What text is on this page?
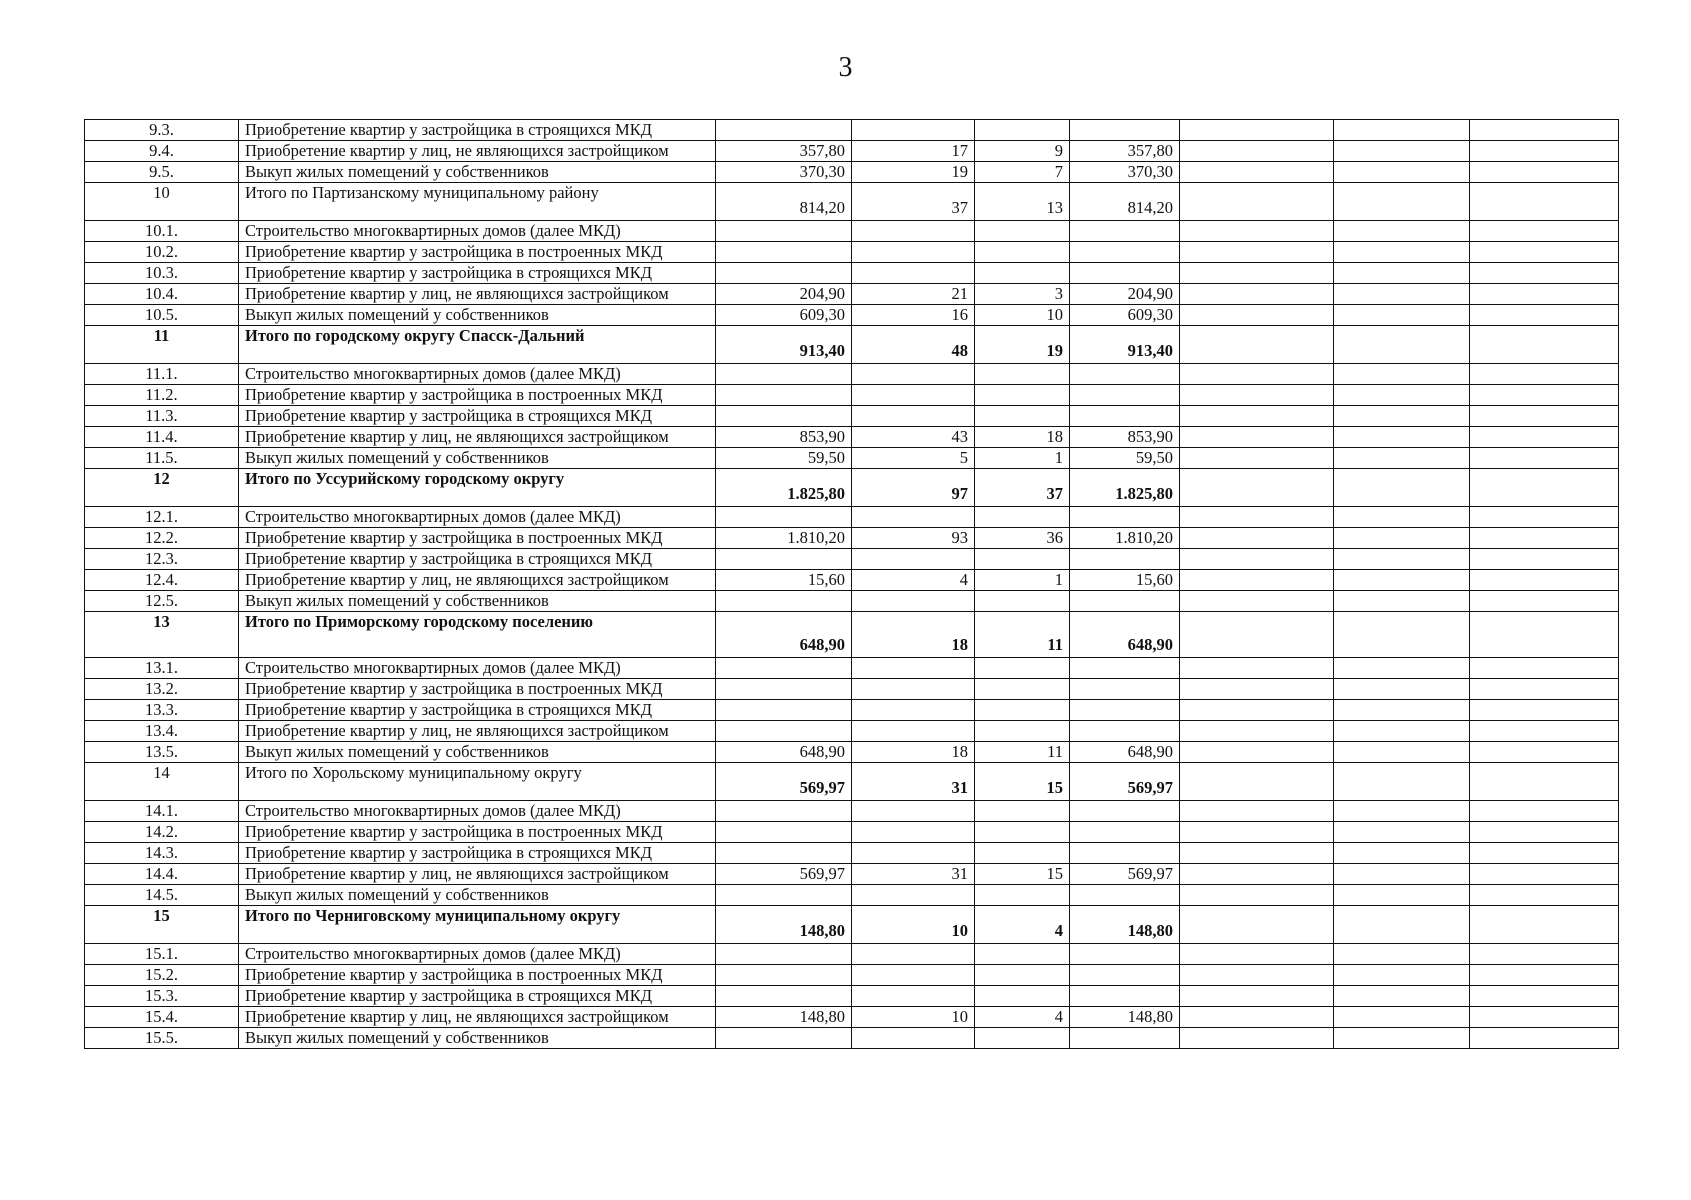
3
9.3.	Приобретение квартир у застройщика в строящихся МКД							
9.4.	Приобретение квартир у лиц, не являющихся застройщиком	357,80	17	9	357,80			
9.5.	Выкуп жилых помещений у собственников	370,30	19	7	370,30			
10	Итого по Партизанскому муниципальному району	814,20	37	13	814,20			
10.1.	Строительство многоквартирных домов (далее МКД)							
10.2.	Приобретение квартир у застройщика в построенных МКД							
10.3.	Приобретение квартир у застройщика в строящихся МКД							
10.4.	Приобретение квартир у лиц, не являющихся застройщиком	204,90	21	3	204,90			
10.5.	Выкуп жилых помещений у собственников	609,30	16	10	609,30			
11	Итого по городскому округу Спасск-Дальний	913,40	48	19	913,40			
11.1.	Строительство многоквартирных домов (далее МКД)							
11.2.	Приобретение квартир у застройщика в построенных МКД							
11.3.	Приобретение квартир у застройщика в строящихся МКД							
11.4.	Приобретение квартир у лиц, не являющихся застройщиком	853,90	43	18	853,90			
11.5.	Выкуп жилых помещений у собственников	59,50	5	1	59,50			
12	Итого по Уссурийскому городскому округу	1.825,80	97	37	1.825,80			
12.1.	Строительство многоквартирных домов (далее МКД)							
12.2.	Приобретение квартир у застройщика в построенных МКД	1.810,20	93	36	1.810,20			
12.3.	Приобретение квартир у застройщика в строящихся МКД							
12.4.	Приобретение квартир у лиц, не являющихся застройщиком	15,60	4	1	15,60			
12.5.	Выкуп жилых помещений у собственников							
13	Итого по Приморскому городскому поселению	648,90	18	11	648,90			
13.1.	Строительство многоквартирных домов (далее МКД)							
13.2.	Приобретение квартир у застройщика в построенных МКД							
13.3.	Приобретение квартир у застройщика в строящихся МКД							
13.4.	Приобретение квартир у лиц, не являющихся застройщиком							
13.5.	Выкуп жилых помещений у собственников	648,90	18	11	648,90			
14	Итого по Хорольскому муниципальному округу	569,97	31	15	569,97			
14.1.	Строительство многоквартирных домов (далее МКД)							
14.2.	Приобретение квартир у застройщика в построенных МКД							
14.3.	Приобретение квартир у застройщика в строящихся МКД							
14.4.	Приобретение квартир у лиц, не являющихся застройщиком	569,97	31	15	569,97			
14.5.	Выкуп жилых помещений у собственников							
15	Итого по Черниговскому муниципальному округу	148,80	10	4	148,80			
15.1.	Строительство многоквартирных домов (далее МКД)							
15.2.	Приобретение квартир у застройщика в построенных МКД							
15.3.	Приобретение квартир у застройщика в строящихся МКД							
15.4.	Приобретение квартир у лиц, не являющихся застройщиком	148,80	10	4	148,80			
15.5.	Выкуп жилых помещений у собственников							
